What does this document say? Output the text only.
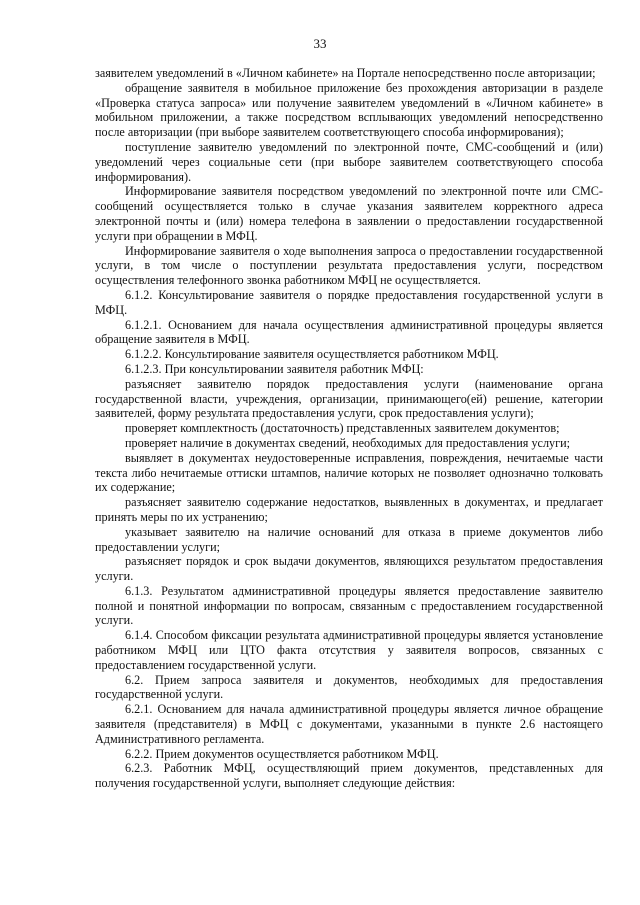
33

заявителем уведомлений в «Личном кабинете» на Портале непосредственно после авторизации;

обращение заявителя в мобильное приложение без прохождения авторизации в разделе «Проверка статуса запроса» или получение заявителем уведомлений в «Личном кабинете» в мобильном приложении, а также посредством всплывающих уведомлений непосредственно после авторизации (при выборе заявителем соответствующего способа информирования);

поступление заявителю уведомлений по электронной почте, СМС-сообщений и (или) уведомлений через социальные сети (при выборе заявителем соответствующего способа информирования).

Информирование заявителя посредством уведомлений по электронной почте или СМС-сообщений осуществляется только в случае указания заявителем корректного адреса электронной почты и (или) номера телефона в заявлении о предоставлении государственной услуги при обращении в МФЦ.

Информирование заявителя о ходе выполнения запроса о предоставлении государственной услуги, в том числе о поступлении результата предоставления услуги, посредством осуществления телефонного звонка работником МФЦ не осуществляется.

6.1.2. Консультирование заявителя о порядке предоставления государственной услуги в МФЦ.

6.1.2.1. Основанием для начала осуществления административной процедуры является обращение заявителя в МФЦ.

6.1.2.2. Консультирование заявителя осуществляется работником МФЦ.

6.1.2.3. При консультировании заявителя работник МФЦ:

разъясняет заявителю порядок предоставления услуги (наименование органа государственной власти, учреждения, организации, принимающего(ей) решение, категории заявителей, форму результата предоставления услуги, срок предоставления услуги);

проверяет комплектность (достаточность) представленных заявителем документов;

проверяет наличие в документах сведений, необходимых для предоставления услуги;

выявляет в документах неудостоверенные исправления, повреждения, нечитаемые части текста либо нечитаемые оттиски штампов, наличие которых не позволяет однозначно толковать их содержание;

разъясняет заявителю содержание недостатков, выявленных в документах, и предлагает принять меры по их устранению;

указывает заявителю на наличие оснований для отказа в приеме документов либо предоставлении услуги;

разъясняет порядок и срок выдачи документов, являющихся результатом предоставления услуги.

6.1.3. Результатом административной процедуры является предоставление заявителю полной и понятной информации по вопросам, связанным с предоставлением государственной услуги.

6.1.4. Способом фиксации результата административной процедуры является установление работником МФЦ или ЦТО факта отсутствия у заявителя вопросов, связанных с предоставлением государственной услуги.

6.2. Прием запроса заявителя и документов, необходимых для предоставления государственной услуги.

6.2.1. Основанием для начала административной процедуры является личное обращение заявителя (представителя) в МФЦ с документами, указанными в пункте 2.6 настоящего Административного регламента.

6.2.2. Прием документов осуществляется работником МФЦ.

6.2.3. Работник МФЦ, осуществляющий прием документов, представленных для получения государственной услуги, выполняет следующие действия:
